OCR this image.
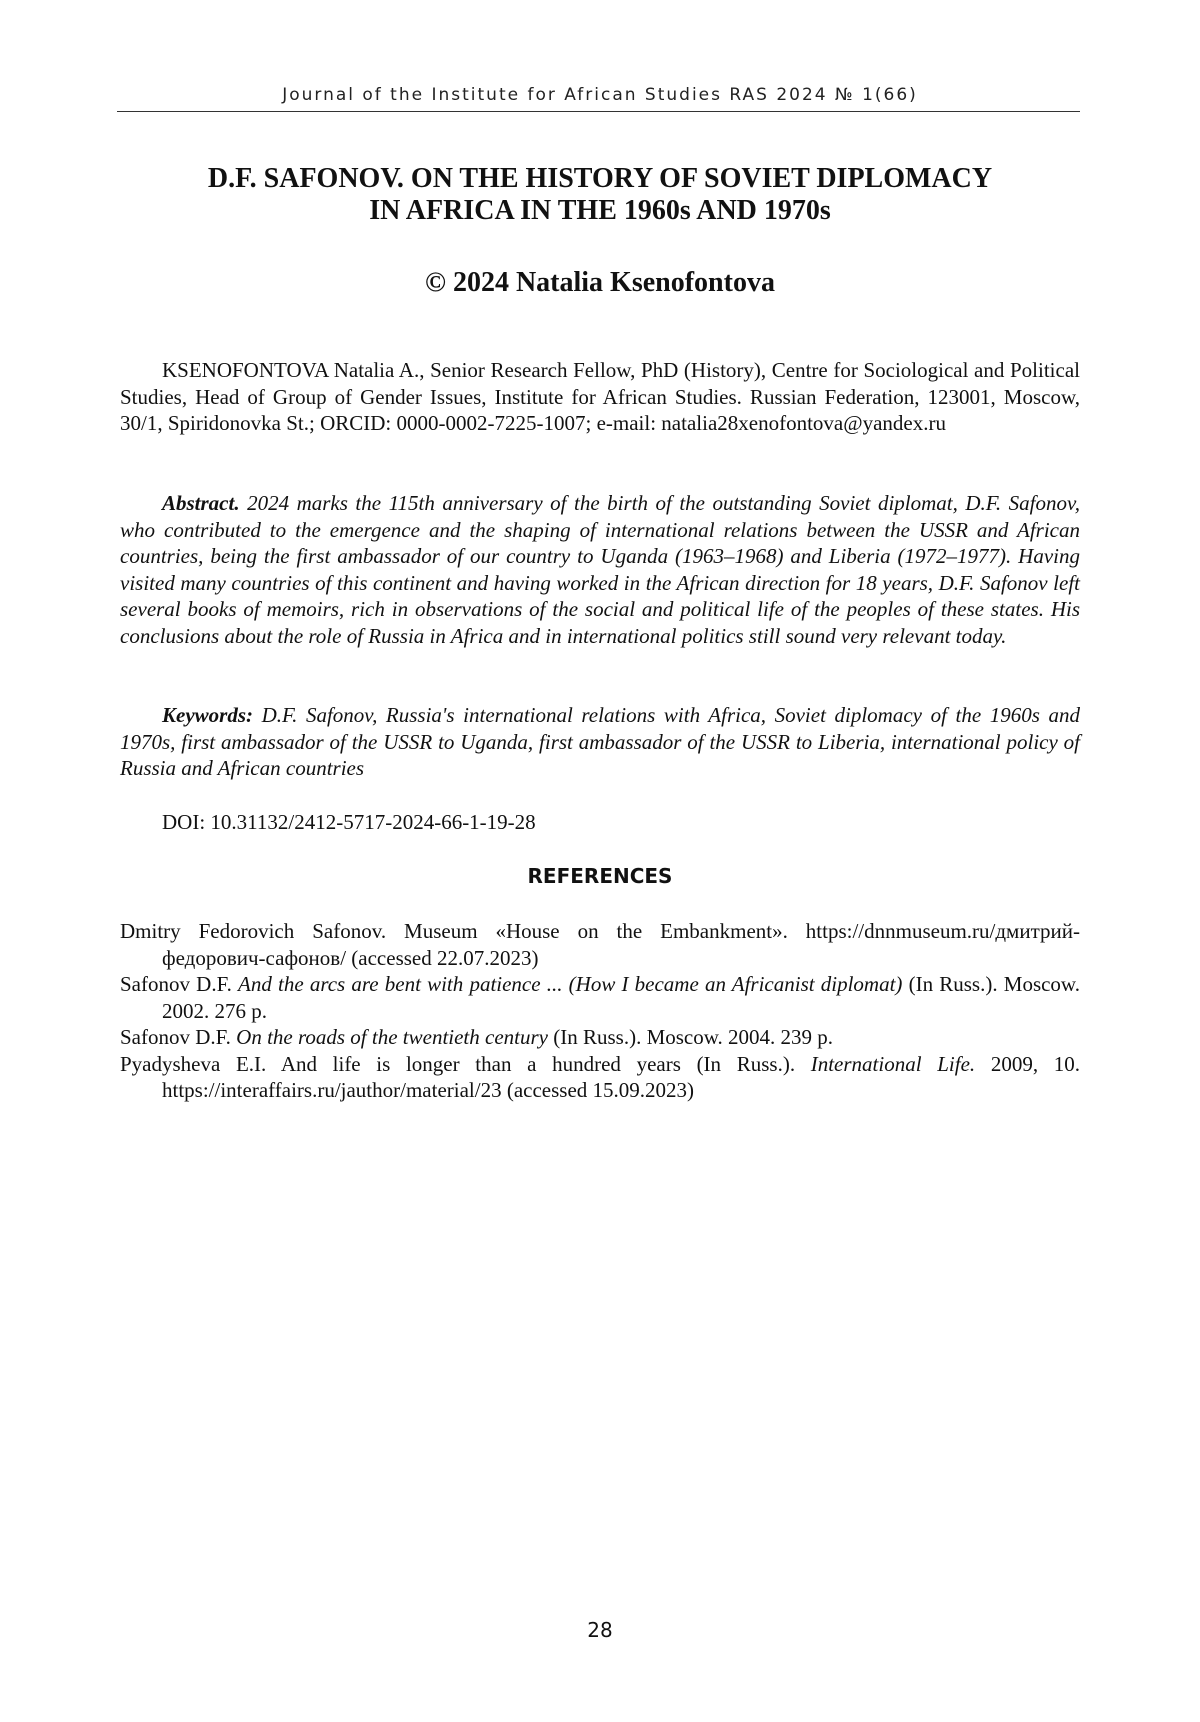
Journal of the Institute for African Studies RAS 2024 № 1(66)
D.F. SAFONOV. ON THE HISTORY OF SOVIET DIPLOMACY
IN AFRICA IN THE 1960s AND 1970s
© 2024 Natalia Ksenofontova

KSENOFONTOVA Natalia A., Senior Research Fellow, PhD (History), Centre for Sociological and Political Studies, Head of Group of Gender Issues, Institute for African Studies. Russian Federation, 123001, Moscow, 30/1, Spiridonovka St.; ORCID: 0000-0002-7225-1007; e-mail: natalia28xenofontova@yandex.ru

Abstract. 2024 marks the 115th anniversary of the birth of the outstanding Soviet diplomat, D.F. Safonov, who contributed to the emergence and the shaping of international relations between the USSR and African countries, being the first ambassador of our country to Uganda (1963–1968) and Liberia (1972–1977). Having visited many countries of this continent and having worked in the African direction for 18 years, D.F. Safonov left several books of memoirs, rich in observations of the social and political life of the peoples of these states. His conclusions about the role of Russia in Africa and in international politics still sound very relevant today.

Keywords: D.F. Safonov, Russia's international relations with Africa, Soviet diplomacy of the 1960s and 1970s, first ambassador of the USSR to Uganda, first ambassador of the USSR to Liberia, international policy of Russia and African countries

DOI: 10.31132/2412-5717-2024-66-1-19-28

REFERENCES
Dmitry Fedorovich Safonov. Museum «House on the Embankment». https://dnnmuseum.ru/дмитрий-федорович-сафонов/ (accessed 22.07.2023)
Safonov D.F. And the arcs are bent with patience ... (How I became an Africanist diplomat) (In Russ.). Moscow. 2002. 276 p.
Safonov D.F. On the roads of the twentieth century (In Russ.). Moscow. 2004. 239 p.
Pyadysheva E.I. And life is longer than a hundred years (In Russ.). International Life. 2009, 10. https://interaffairs.ru/jauthor/material/23 (accessed 15.09.2023)
28
